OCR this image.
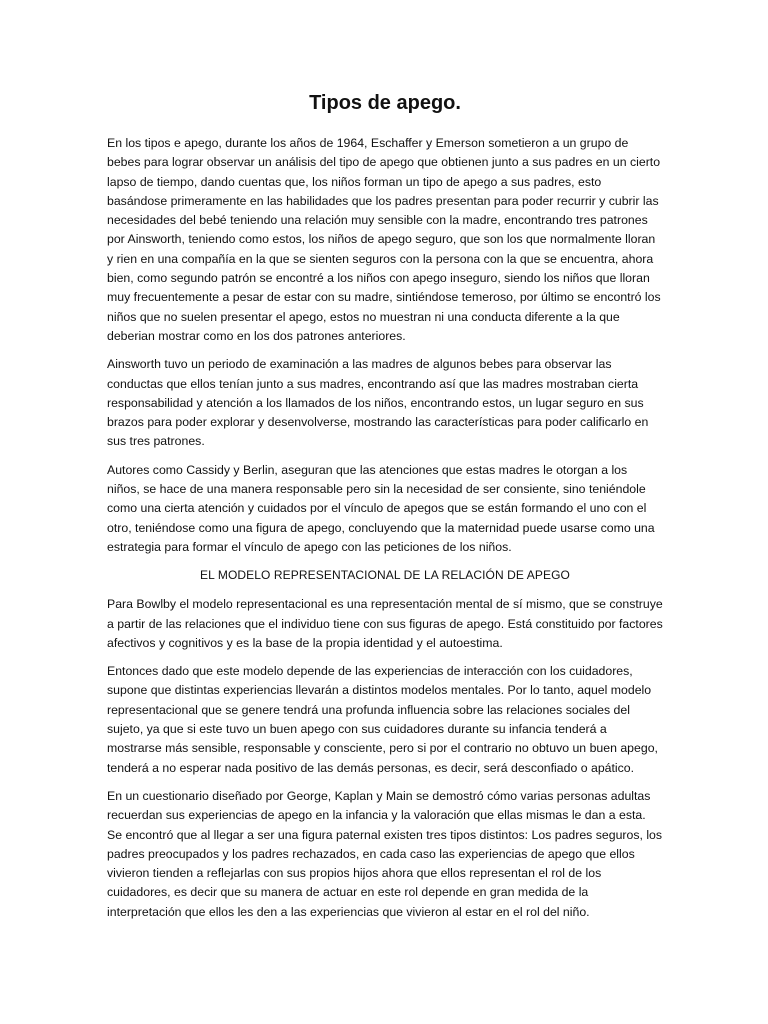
Tipos de apego.

En los tipos e apego, durante los años de 1964, Eschaffer y Emerson sometieron a un grupo de bebes para lograr observar un análisis del tipo de apego que obtienen junto a sus padres en un cierto lapso de tiempo, dando cuentas que, los niños forman un tipo de apego a sus padres, esto basándose primeramente en las habilidades que los padres presentan para poder recurrir y cubrir las necesidades del bebé teniendo una relación muy sensible con la madre, encontrando tres patrones por Ainsworth, teniendo como estos, los niños de apego seguro, que son los que normalmente lloran y rien en una compañía en la que se sienten seguros con la persona con la que se encuentra, ahora bien, como segundo patrón se encontré a los niños con apego inseguro, siendo los niños que lloran muy frecuentemente a pesar de estar con su madre, sintiéndose temeroso, por último se encontró los niños que no suelen presentar el apego, estos no muestran ni una conducta diferente a la que deberian mostrar como en los dos patrones anteriores.

Ainsworth tuvo un periodo de examinación a las madres de algunos bebes para observar las conductas que ellos tenían junto a sus madres, encontrando así que las madres mostraban cierta responsabilidad y atención a los llamados de los niños, encontrando estos, un lugar seguro en sus brazos para poder explorar y desenvolverse, mostrando las características para poder calificarlo en sus tres patrones.

Autores como Cassidy y Berlin, aseguran que las atenciones que estas madres le otorgan a los niños, se hace de una manera responsable pero sin la necesidad de ser consiente, sino teniéndole como una cierta atención y cuidados por el vínculo de apegos que se están formando el uno con el otro, teniéndose como una figura de apego, concluyendo que la maternidad puede usarse como una estrategia para formar el vínculo de apego con las peticiones de los niños.

EL MODELO REPRESENTACIONAL DE LA RELACIÓN DE APEGO

Para Bowlby el modelo representacional es una representación mental de sí mismo, que se construye a partir de las relaciones que el individuo tiene con sus figuras de apego. Está constituido por factores afectivos y cognitivos y es la base de la propia identidad y el autoestima.

Entonces dado que este modelo depende de las experiencias de interacción con los cuidadores, supone que distintas experiencias llevarán a distintos modelos mentales. Por lo tanto, aquel modelo representacional que se genere tendrá una profunda influencia sobre las relaciones sociales del sujeto, ya que si este tuvo un buen apego con sus cuidadores durante su infancia tenderá a mostrarse más sensible, responsable y consciente, pero si por el contrario no obtuvo un buen apego, tenderá a no esperar nada positivo de las demás personas, es decir, será desconfiado o apático.

En un cuestionario diseñado por George, Kaplan y Main se demostró cómo varias personas adultas recuerdan sus experiencias de apego en la infancia y la valoración que ellas mismas le dan a esta. Se encontró que al llegar a ser una figura paternal existen tres tipos distintos: Los padres seguros, los padres preocupados y los padres rechazados, en cada caso las experiencias de apego que ellos vivieron tienden a reflejarlas con sus propios hijos ahora que ellos representan el rol de los cuidadores, es decir que su manera de actuar en este rol depende en gran medida de la interpretación que ellos les den a las experiencias que vivieron al estar en el rol del niño.
